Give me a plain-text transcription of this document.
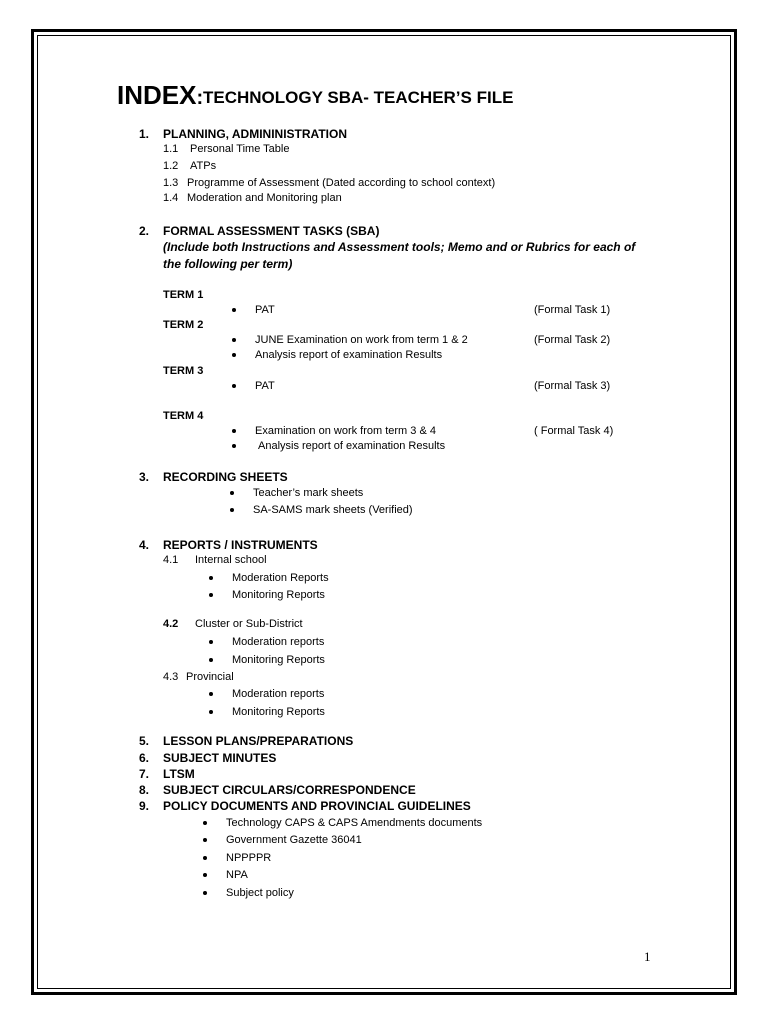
INDEX: TECHNOLOGY SBA- TEACHER’S FILE
1. PLANNING, ADMININISTRATION
1.1 Personal Time Table
1.2 ATPs
1.3 Programme of Assessment (Dated according to school context)
1.4 Moderation and Monitoring plan
2. FORMAL ASSESSMENT TASKS (SBA)
(Include both Instructions and Assessment tools; Memo and or Rubrics for each of
the following per term)
TERM 1
PAT	(Formal Task 1)
TERM 2
JUNE Examination on work from term 1 & 2	(Formal Task 2)
Analysis report of examination Results
TERM 3
PAT	(Formal Task 3)
TERM 4
Examination on work from term 3 & 4	( Formal Task 4)
Analysis report of examination Results
3. RECORDING SHEETS
Teacher’s mark sheets
SA-SAMS mark sheets (Verified)
4. REPORTS / INSTRUMENTS
4.1 Internal school
Moderation Reports
Monitoring Reports
4.2 Cluster or Sub-District
Moderation reports
Monitoring Reports
4.3 Provincial
Moderation reports
Monitoring Reports
5. LESSON PLANS/PREPARATIONS
6. SUBJECT MINUTES
7. LTSM
8. SUBJECT CIRCULARS/CORRESPONDENCE
9. POLICY DOCUMENTS AND PROVINCIAL GUIDELINES
Technology CAPS & CAPS Amendments documents
Government Gazette 36041
NPPPPR
NPA
Subject policy
1
